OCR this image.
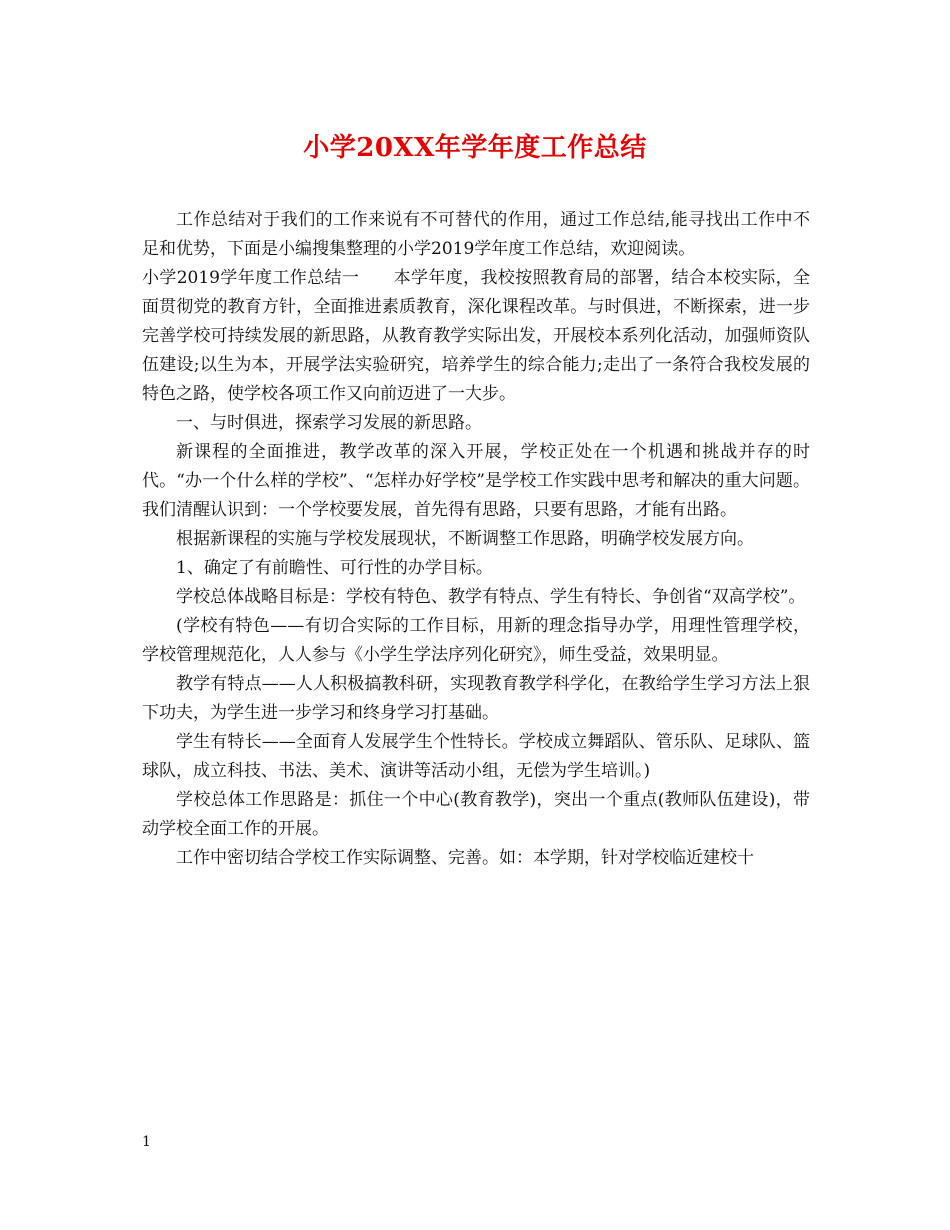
小学20XX年学年度工作总结

工作总结对于我们的工作来说有不可替代的作用，通过工作总结,能寻找出工作中不足和优势，下面是小编搜集整理的小学2019学年度工作总结，欢迎阅读。

小学2019学年度工作总结一 本学年度，我校按照教育局的部署，结合本校实际，全面贯彻党的教育方针，全面推进素质教育，深化课程改革。与时俱进，不断探索，进一步完善学校可持续发展的新思路，从教育教学实际出发，开展校本系列化活动，加强师资队伍建设;以生为本，开展学法实验研究，培养学生的综合能力;走出了一条符合我校发展的特色之路，使学校各项工作又向前迈进了一大步。

一、与时俱进，探索学习发展的新思路。

新课程的全面推进，教学改革的深入开展，学校正处在一个机遇和挑战并存的时代。“办一个什么样的学校”、“怎样办好学校”是学校工作实践中思考和解决的重大问题。我们清醒认识到：一个学校要发展，首先得有思路，只要有思路，才能有出路。

根据新课程的实施与学校发展现状，不断调整工作思路，明确学校发展方向。

1、确定了有前瞻性、可行性的办学目标。

学校总体战略目标是：学校有特色、教学有特点、学生有特长、争创省“双高学校”。

(学校有特色——有切合实际的工作目标，用新的理念指导办学，用理性管理学校，学校管理规范化，人人参与《小学生学法序列化研究》，师生受益，效果明显。

教学有特点——人人积极搞教科研，实现教育教学科学化，在教给学生学习方法上狠下功夫，为学生进一步学习和终身学习打基础。

学生有特长——全面育人发展学生个性特长。学校成立舞蹈队、管乐队、足球队、篮球队，成立科技、书法、美术、演讲等活动小组，无偿为学生培训。)

学校总体工作思路是：抓住一个中心(教育教学)，突出一个重点(教师队伍建设)，带动学校全面工作的开展。

工作中密切结合学校工作实际调整、完善。如：本学期，针对学校临近建校十

1
